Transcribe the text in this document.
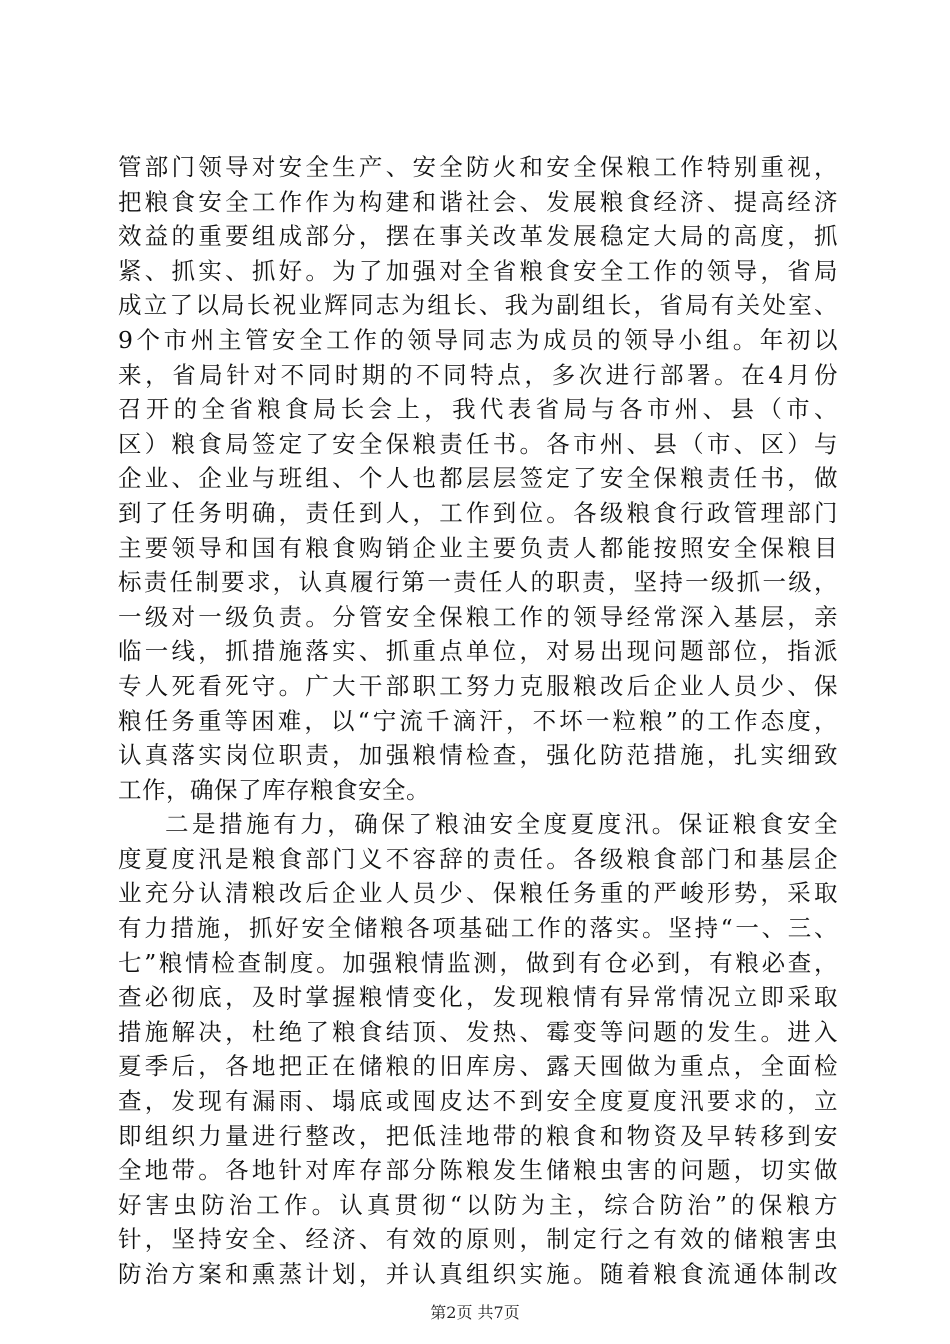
管部门领导对安全生产、安全防火和安全保粮工作特别重视，
把粮食安全工作作为构建和谐社会、发展粮食经济、提高经济
效益的重要组成部分，摆在事关改革发展稳定大局的高度，抓
紧、抓实、抓好。为了加强对全省粮食安全工作的领导，省局
成立了以局长祝业辉同志为组长、我为副组长，省局有关处室、
9个市州主管安全工作的领导同志为成员的领导小组。年初以
来，省局针对不同时期的不同特点，多次进行部署。在4月份
召开的全省粮食局长会上，我代表省局与各市州、县（市、
区）粮食局签定了安全保粮责任书。各市州、县（市、区）与
企业、企业与班组、个人也都层层签定了安全保粮责任书，做
到了任务明确，责任到人，工作到位。各级粮食行政管理部门
主要领导和国有粮食购销企业主要负责人都能按照安全保粮目
标责任制要求，认真履行第一责任人的职责，坚持一级抓一级，
一级对一级负责。分管安全保粮工作的领导经常深入基层，亲
临一线，抓措施落实、抓重点单位，对易出现问题部位，指派
专人死看死守。广大干部职工努力克服粮改后企业人员少、保
粮任务重等困难，以“宁流千滴汗，不坏一粒粮”的工作态度，
认真落实岗位职责，加强粮情检查，强化防范措施，扎实细致
工作，确保了库存粮食安全。
二是措施有力，确保了粮油安全度夏度汛。保证粮食安全
度夏度汛是粮食部门义不容辞的责任。各级粮食部门和基层企
业充分认清粮改后企业人员少、保粮任务重的严峻形势，采取
有力措施，抓好安全储粮各项基础工作的落实。坚持“一、三、
七”粮情检查制度。加强粮情监测，做到有仓必到，有粮必查，
查必彻底，及时掌握粮情变化，发现粮情有异常情况立即采取
措施解决，杜绝了粮食结顶、发热、霉变等问题的发生。进入
夏季后，各地把正在储粮的旧库房、露天囤做为重点，全面检
查，发现有漏雨、塌底或囤皮达不到安全度夏度汛要求的，立
即组织力量进行整改，把低洼地带的粮食和物资及早转移到安
全地带。各地针对库存部分陈粮发生储粮虫害的问题，切实做
好害虫防治工作。认真贯彻“以防为主，综合防治”的保粮方
针，坚持安全、经济、有效的原则，制定行之有效的储粮害虫
防治方案和熏蒸计划，并认真组织实施。随着粮食流通体制改
第2页 共7页
